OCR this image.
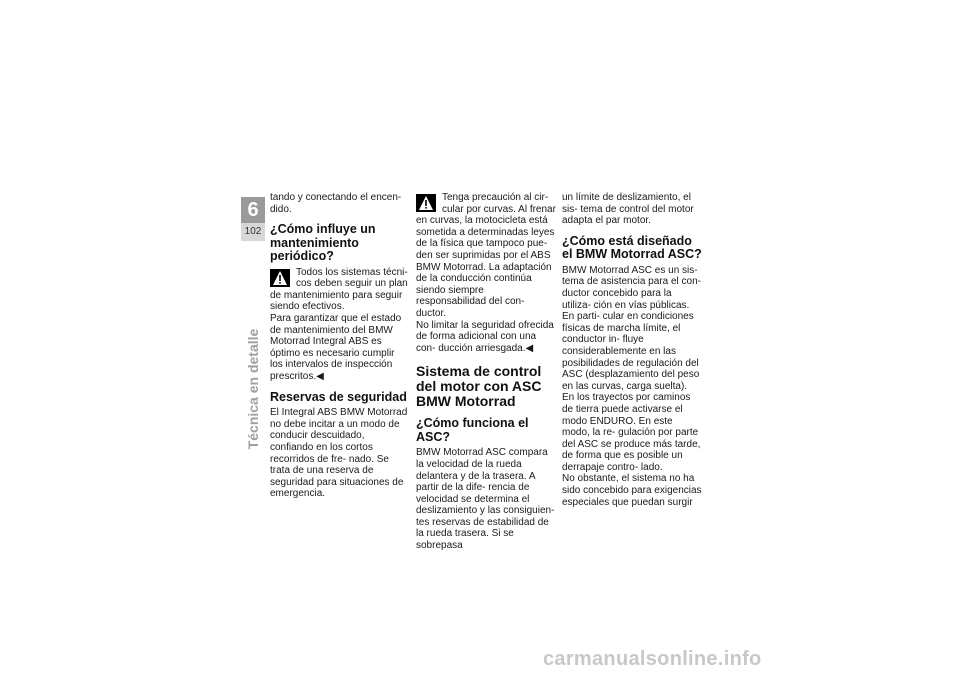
6
102
Técnica en detalle

tando y conectando el encen- dido.

¿Cómo influye un mantenimiento periódico?

Todos los sistemas técni- cos deben seguir un plan de mantenimiento para seguir siendo efectivos.

Para garantizar que el estado de mantenimiento del BMW Motorrad Integral ABS es óptimo es necesario cumplir los intervalos de inspección prescritos.◀

Reservas de seguridad

El Integral ABS BMW Motorrad no debe incitar a un modo de conducir descuidado, confiando en los cortos recorridos de fre- nado. Se trata de una reserva de seguridad para situaciones de emergencia.

Tenga precaución al cir- cular por curvas. Al frenar en curvas, la motocicleta está sometida a determinadas leyes de la física que tampoco pue- den ser suprimidas por el ABS BMW Motorrad. La adaptación de la conducción continúa siendo siempre responsabilidad del con- ductor.

No limitar la seguridad ofrecida de forma adicional con una con- ducción arriesgada.◀

Sistema de control del motor con ASC BMW Motorrad
¿Cómo funciona el ASC?

BMW Motorrad ASC compara la velocidad de la rueda delantera y de la trasera. A partir de la dife- rencia de velocidad se determina el deslizamiento y las consiguien- tes reservas de estabilidad de la rueda trasera. Si se sobrepasa

un límite de deslizamiento, el sis- tema de control del motor adapta el par motor.

¿Cómo está diseñado el BMW Motorrad ASC?

BMW Motorrad ASC es un sis- tema de asistencia para el con- ductor concebido para la utiliza- ción en vías públicas. En parti- cular en condiciones físicas de marcha límite, el conductor in- fluye considerablemente en las posibilidades de regulación del ASC (desplazamiento del peso en las curvas, carga suelta).

En los trayectos por caminos de tierra puede activarse el modo ENDURO. En este modo, la re- gulación por parte del ASC se produce más tarde, de forma que es posible un derrapaje contro- lado.

No obstante, el sistema no ha sido concebido para exigencias especiales que puedan surgir

carmanualsonline.info
